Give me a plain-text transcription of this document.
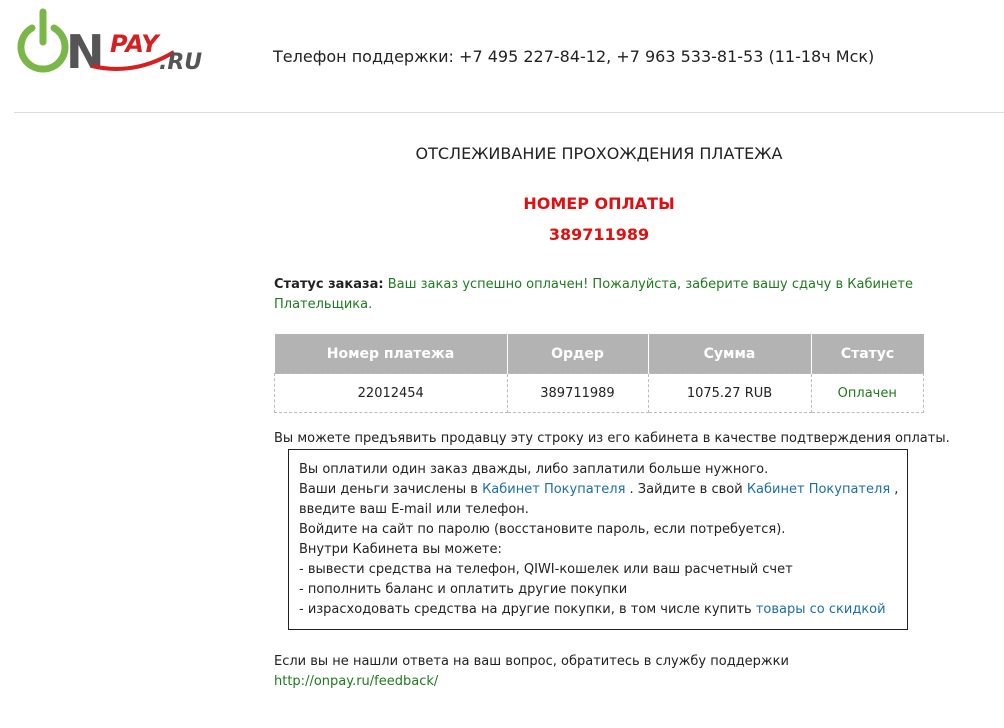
N PAY
.RU	Телефон поддержки: +7 495 227-84-12, +7 963 533-81-53 (11-18ч Мск)
ОТСЛЕЖИВАНИЕ ПРОХОЖДЕНИЯ ПЛАТЕЖА
НОМЕР ОПЛАТЫ
389711989
Статус заказа: Ваш заказ успешно оплачен! Пожалуйста, заберите вашу сдачу в Кабинете Плательщика.
Номер платежа	Ордер	Сумма	Статус
22012454	389711989	1075.27 RUB	Оплачен
Вы можете предъявить продавцу эту строку из его кабинета в качестве подтверждения оплаты.
Вы оплатили один заказ дважды, либо заплатили больше нужного.
Ваши деньги зачислены в Кабинет Покупателя . Зайдите в свой Кабинет Покупателя ,
введите ваш E-mail или телефон.
Войдите на сайт по паролю (восстановите пароль, если потребуется).
Внутри Кабинета вы можете:
- вывести средства на телефон, QIWI-кошелек или ваш расчетный счет
- пополнить баланс и оплатить другие покупки
- израсходовать средства на другие покупки, в том числе купить товары со скидкой
Если вы не нашли ответа на ваш вопрос, обратитесь в службу поддержки
http://onpay.ru/feedback/
